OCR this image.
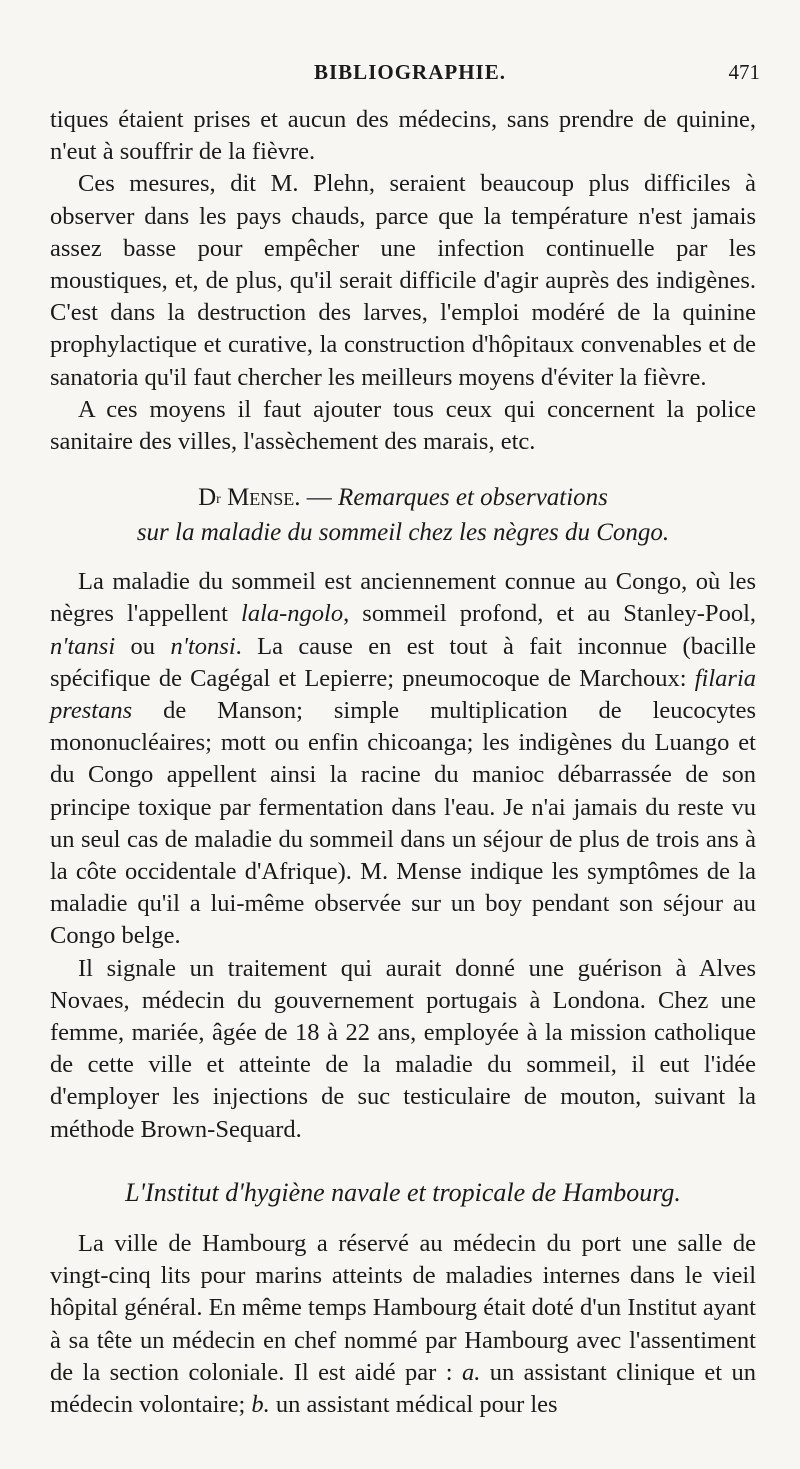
BIBLIOGRAPHIE.	471

tiques étaient prises et aucun des médecins, sans prendre de quinine, n'eut à souffrir de la fièvre.

Ces mesures, dit M. Plehn, seraient beaucoup plus difficiles à observer dans les pays chauds, parce que la température n'est jamais assez basse pour empêcher une infection continuelle par les moustiques, et, de plus, qu'il serait difficile d'agir auprès des indigènes. C'est dans la destruction des larves, l'emploi modéré de la quinine prophylactique et curative, la construction d'hôpitaux convenables et de sanatoria qu'il faut chercher les meilleurs moyens d'éviter la fièvre.

A ces moyens il faut ajouter tous ceux qui concernent la police sanitaire des villes, l'assèchement des marais, etc.

$D^r$ Mense. — Remarques et observations
sur la maladie du sommeil chez les nègres du Congo.

La maladie du sommeil est anciennement connue au Congo, où les nègres l'appellent lala-ngolo, sommeil profond, et au Stanley-Pool, n'tansi ou n'tonsi. La cause en est tout à fait inconnue (bacille spécifique de Cagégal et Lepierre; pneumocoque de Marchoux: filaria prestans de Manson; simple multiplication de leucocytes mononucléaires; mott ou enfin chicoanga; les indigènes du Luango et du Congo appellent ainsi la racine du manioc débarrassée de son principe toxique par fermentation dans l'eau. Je n'ai jamais du reste vu un seul cas de maladie du sommeil dans un séjour de plus de trois ans à la côte occidentale d'Afrique). M. Mense indique les symptômes de la maladie qu'il a lui-même observée sur un boy pendant son séjour au Congo belge.

Il signale un traitement qui aurait donné une guérison à Alves Novaes, médecin du gouvernement portugais à Londona. Chez une femme, mariée, âgée de 18 à 22 ans, employée à la mission catholique de cette ville et atteinte de la maladie du sommeil, il eut l'idée d'employer les injections de suc testiculaire de mouton, suivant la méthode Brown-Sequard.

L'Institut d'hygiène navale et tropicale de Hambourg.

La ville de Hambourg a réservé au médecin du port une salle de vingt-cinq lits pour marins atteints de maladies internes dans le vieil hôpital général. En même temps Hambourg était doté d'un Institut ayant à sa tête un médecin en chef nommé par Hambourg avec l'assentiment de la section coloniale. Il est aidé par : a. un assistant clinique et un médecin volontaire; b. un assistant médical pour les
